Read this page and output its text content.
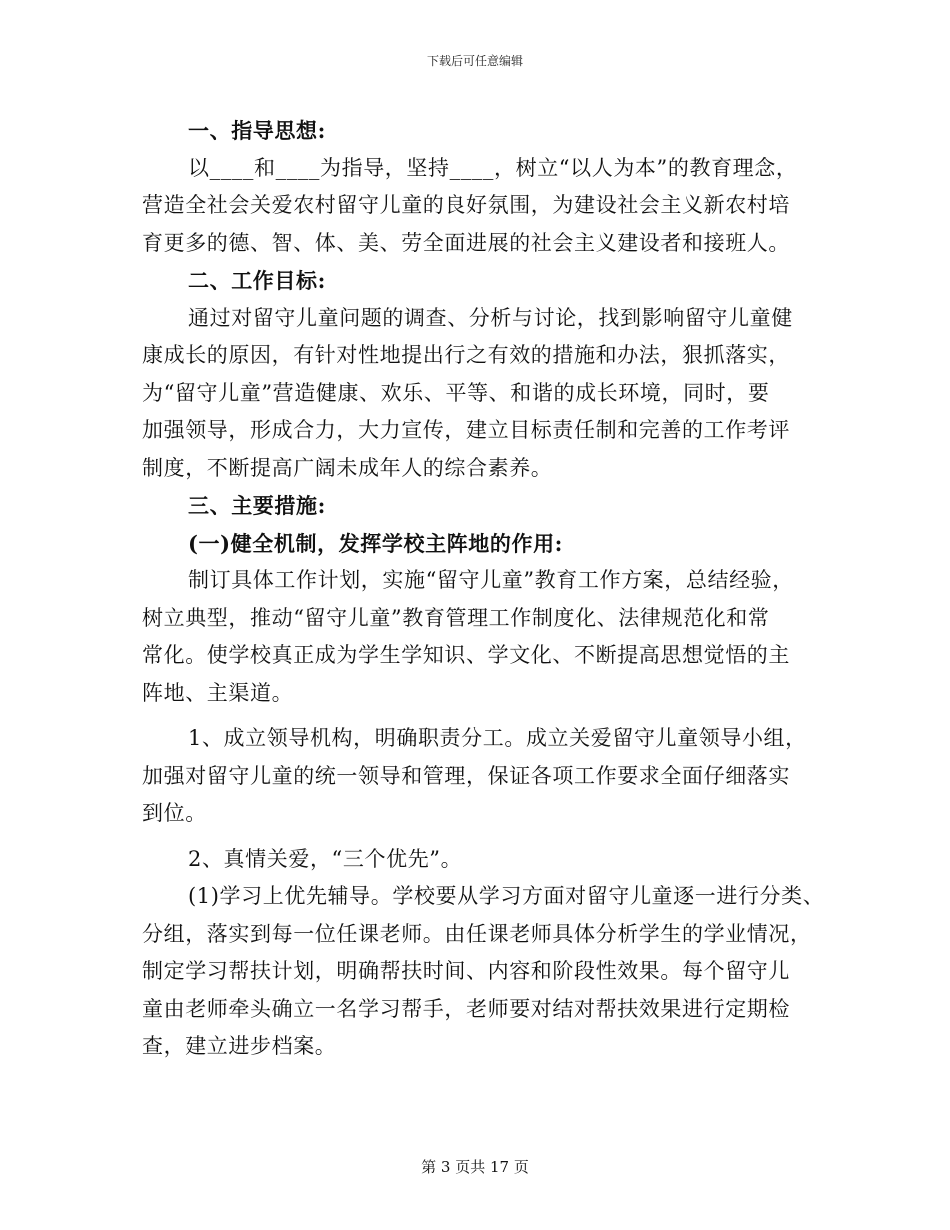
下载后可任意编辑
一、指导思想:
以____和____为指导，坚持____，树立“以人为本”的教育理念，
营造全社会关爱农村留守儿童的良好氛围，为建设社会主义新农村培
育更多的德、智、体、美、劳全面进展的社会主义建设者和接班人。
二、工作目标:
通过对留守儿童问题的调查、分析与讨论，找到影响留守儿童健
康成长的原因，有针对性地提出行之有效的措施和办法，狠抓落实，
为“留守儿童”营造健康、欢乐、平等、和谐的成长环境，同时，要
加强领导，形成合力，大力宣传，建立目标责任制和完善的工作考评
制度，不断提高广阔未成年人的综合素养。
三、主要措施:
(一)健全机制，发挥学校主阵地的作用:
制订具体工作计划，实施“留守儿童”教育工作方案，总结经验，
树立典型，推动“留守儿童”教育管理工作制度化、法律规范化和常
常化。使学校真正成为学生学知识、学文化、不断提高思想觉悟的主
阵地、主渠道。
1、成立领导机构，明确职责分工。成立关爱留守儿童领导小组，
加强对留守儿童的统一领导和管理，保证各项工作要求全面仔细落实
到位。
2、真情关爱，“三个优先”。
(1)学习上优先辅导。学校要从学习方面对留守儿童逐一进行分类、
分组，落实到每一位任课老师。由任课老师具体分析学生的学业情况，
制定学习帮扶计划，明确帮扶时间、内容和阶段性效果。每个留守儿
童由老师牵头确立一名学习帮手，老师要对结对帮扶效果进行定期检
查，建立进步档案。
第 3 页共 17 页
